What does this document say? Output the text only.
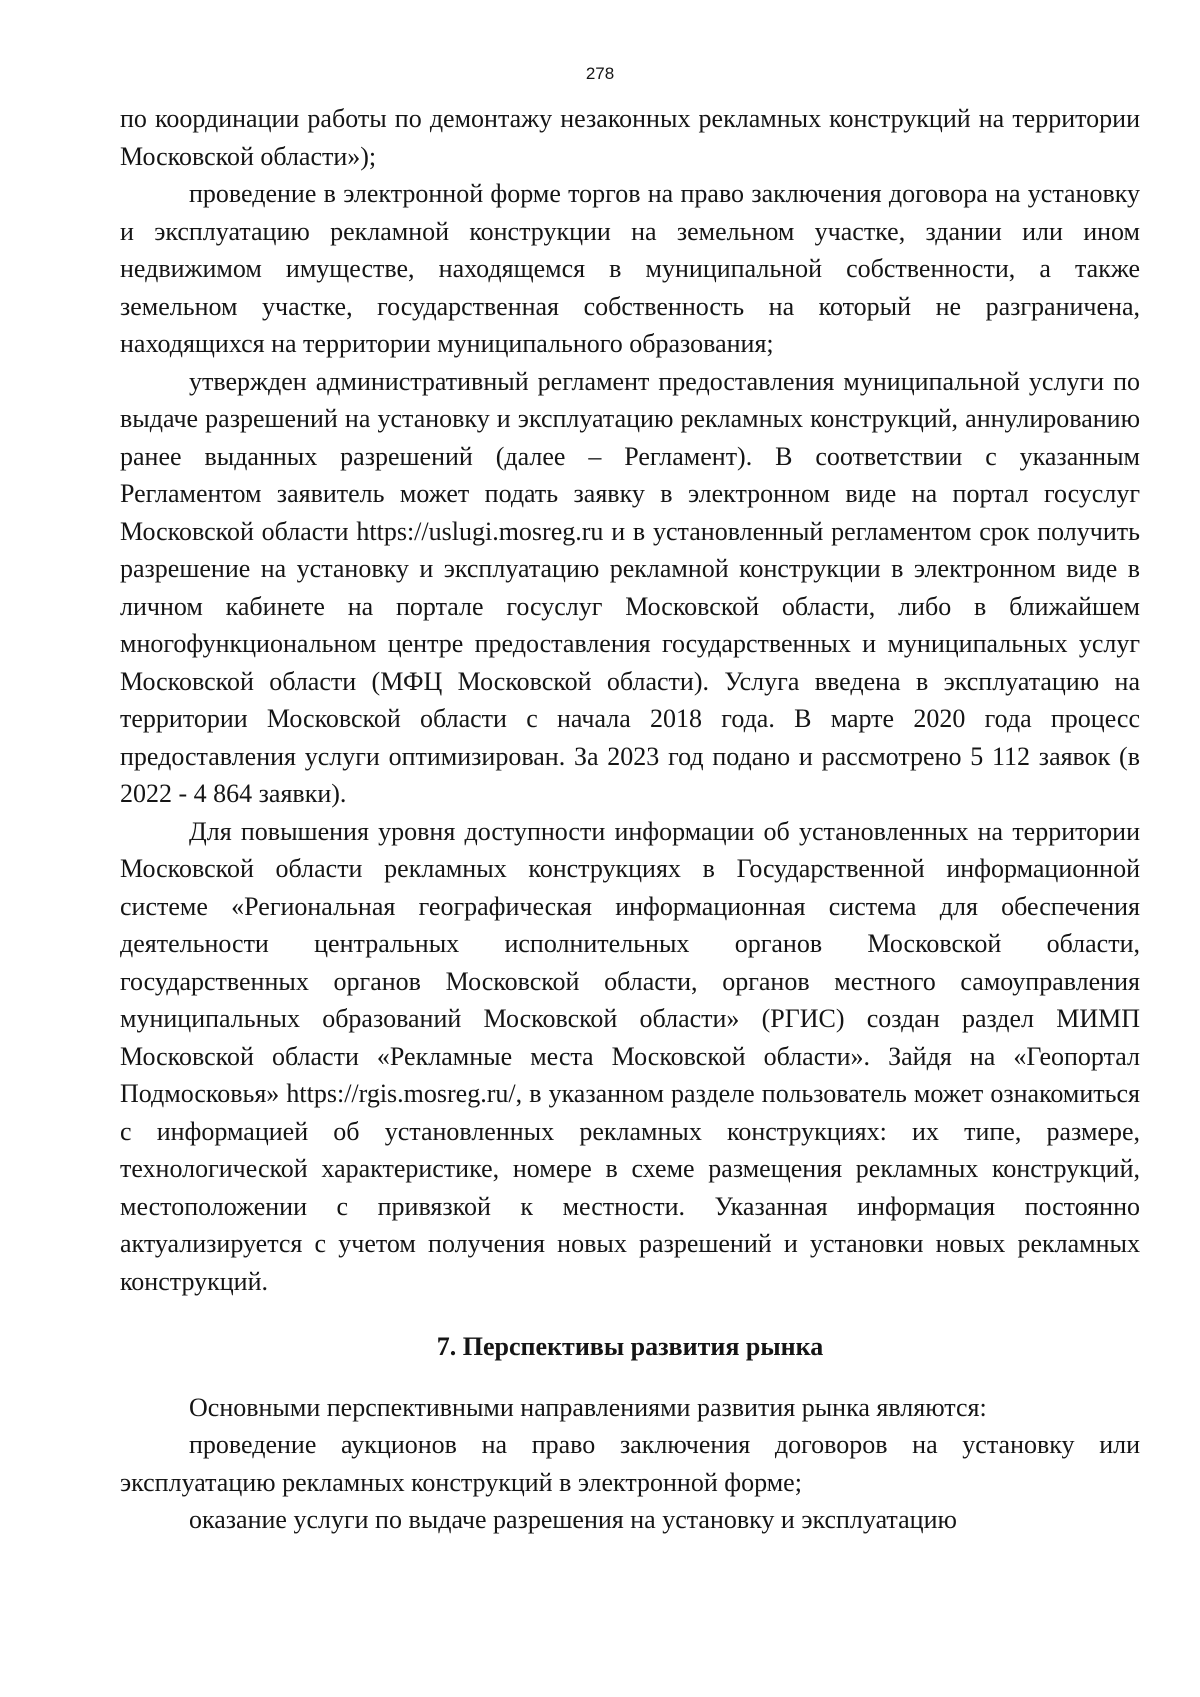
278

по координации работы по демонтажу незаконных рекламных конструкций на территории Московской области»);

проведение в электронной форме торгов на право заключения договора на установку и эксплуатацию рекламной конструкции на земельном участке, здании или ином недвижимом имуществе, находящемся в муниципальной собственности, а также земельном участке, государственная собственность на который не разграничена, находящихся на территории муниципального образования;

утвержден административный регламент предоставления муниципальной услуги по выдаче разрешений на установку и эксплуатацию рекламных конструкций, аннулированию ранее выданных разрешений (далее – Регламент). В соответствии с указанным Регламентом заявитель может подать заявку в электронном виде на портал госуслуг Московской области https://uslugi.mosreg.ru и в установленный регламентом срок получить разрешение на установку и эксплуатацию рекламной конструкции в электронном виде в личном кабинете на портале госуслуг Московской области, либо в ближайшем многофункциональном центре предоставления государственных и муниципальных услуг Московской области (МФЦ Московской области). Услуга введена в эксплуатацию на территории Московской области с начала 2018 года. В марте 2020 года процесс предоставления услуги оптимизирован. За 2023 год подано и рассмотрено 5 112 заявок (в 2022 - 4 864 заявки).

Для повышения уровня доступности информации об установленных на территории Московской области рекламных конструкциях в Государственной информационной системе «Региональная географическая информационная система для обеспечения деятельности центральных исполнительных органов Московской области, государственных органов Московской области, органов местного самоуправления муниципальных образований Московской области» (РГИС) создан раздел МИМП Московской области «Рекламные места Московской области». Зайдя на «Геопортал Подмосковья» https://rgis.mosreg.ru/, в указанном разделе пользователь может ознакомиться с информацией об установленных рекламных конструкциях: их типе, размере, технологической характеристике, номере в схеме размещения рекламных конструкций, местоположении с привязкой к местности. Указанная информация постоянно актуализируется с учетом получения новых разрешений и установки новых рекламных конструкций.

7. Перспективы развития рынка

Основными перспективными направлениями развития рынка являются:

проведение аукционов на право заключения договоров на установку или эксплуатацию рекламных конструкций в электронной форме;

оказание услуги по выдаче разрешения на установку и эксплуатацию
